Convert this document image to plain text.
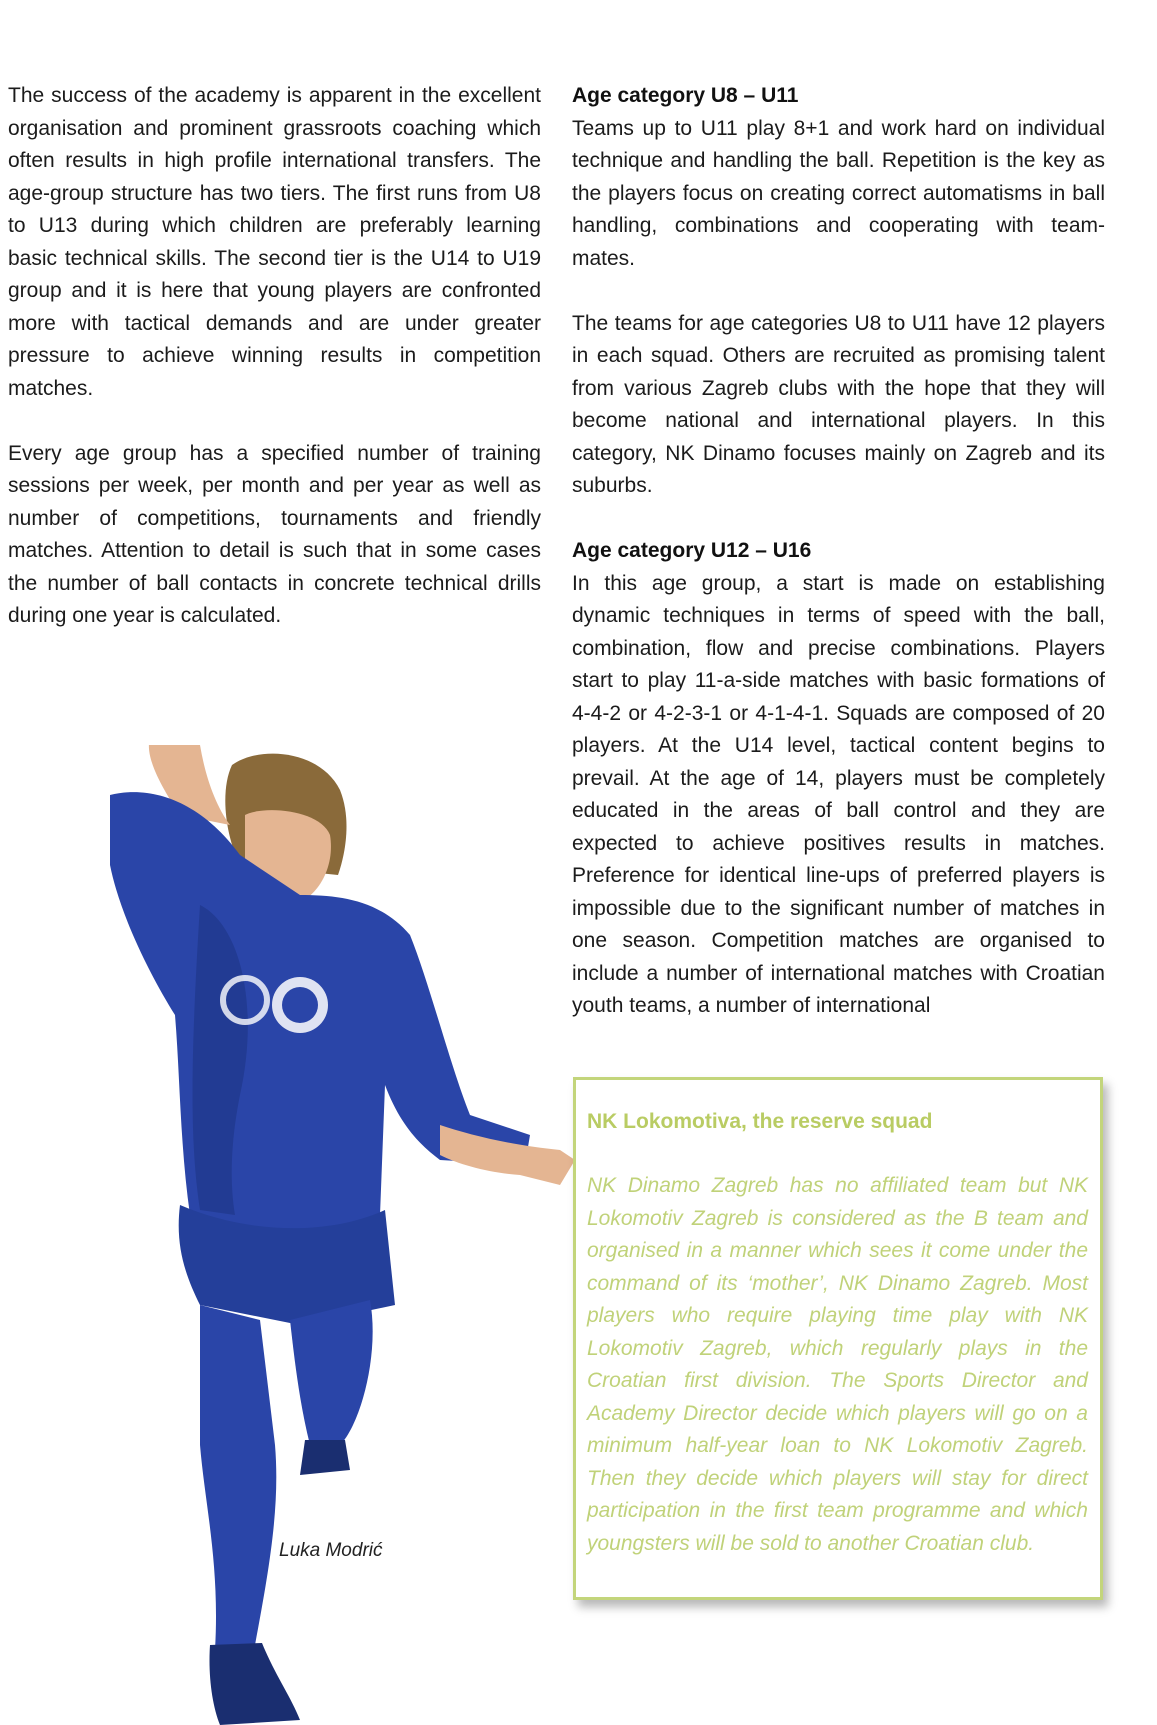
The success of the academy is apparent in the excellent organisation and prominent grassroots coaching which often results in high profile international transfers. The age-group structure has two tiers. The first runs from U8 to U13 during which children are preferably learning basic technical skills. The second tier is the U14 to U19 group and it is here that young players are confronted more with tactical demands and are under greater pressure to achieve winning results in competition matches.

Every age group has a specified number of training sessions per week, per month and per year as well as number of competitions, tournaments and friendly matches. Attention to detail is such that in some cases the number of ball contacts in concrete technical drills during one year is calculated.

Age category U8 – U11

Teams up to U11 play 8+1 and work hard on individual technique and handling the ball. Repetition is the key as the players focus on creating correct automatisms in ball handling, combinations and cooperating with team-mates.

The teams for age categories U8 to U11 have 12 players in each squad. Others are recruited as promising talent from various Zagreb clubs with the hope that they will become national and international players. In this category, NK Dinamo focuses mainly on Zagreb and its suburbs.

Age category U12 – U16

In this age group, a start is made on establishing dynamic techniques in terms of speed with the ball, combination, flow and precise combinations. Players start to play 11-a-side matches with basic formations of 4-4-2 or 4-2-3-1 or 4-1-4-1. Squads are composed of 20 players. At the U14 level, tactical content begins to prevail. At the age of 14, players must be completely educated in the areas of ball control and they are expected to achieve positives results in matches. Preference for identical line-ups of preferred players is impossible due to the significant number of matches in one season. Competition matches are organised to include a number of international matches with Croatian youth teams, a number of international

Luka Modrić
NK Lokomotiva, the reserve squad

NK Dinamo Zagreb has no affiliated team but NK Lokomotiv Zagreb is considered as the B team and organised in a manner which sees it come under the command of its ‘mother’, NK Dinamo Zagreb. Most players who require playing time play with NK Lokomotiv Zagreb, which regularly plays in the Croatian first division. The Sports Director and Academy Director decide which players will go on a minimum half-year loan to NK Lokomotiv Zagreb. Then they decide which players will stay for direct participation in the first team programme and which youngsters will be sold to another Croatian club.
